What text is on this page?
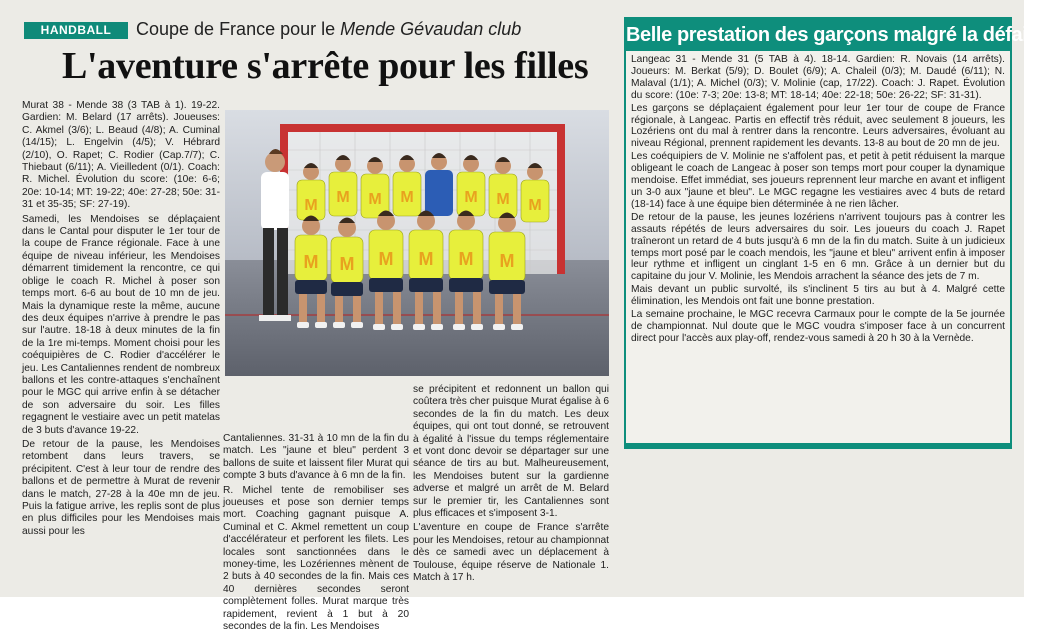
HANDBALL	Coupe de France pour le Mende Gévaudan club
L'aventure s'arrête pour les filles

Murat 38 - Mende 38 (3 TAB à 1). 19-22. Gardien: M. Belard (17 arrêts). Joueuses: C. Akmel (3/6); L. Beaud (4/8); A. Cuminal (14/15); L. Engelvin (4/5); V. Hébrard (2/10), O. Rapet; C. Rodier (Cap.7/7); C. Thiebaut (6/11); A. Vieilledent (0/1). Coach: R. Michel. Évolution du score: (10e: 6-6; 20e: 10-14; MT: 19-22; 40e: 27-28; 50e: 31-31 et 35-35; SF: 27-19).

Samedi, les Mendoises se déplaçaient dans le Cantal pour disputer le 1er tour de la coupe de France régionale. Face à une équipe de niveau inférieur, les Mendoises démarrent timidement la rencontre, ce qui oblige le coach R. Michel à poser son temps mort. 6-6 au bout de 10 mn de jeu. Mais la dynamique reste la même, aucune des deux équipes n'arrive à prendre le pas sur l'autre. 18-18 à deux minutes de la fin de la 1re mi-temps. Moment choisi pour les coéquipières de C. Rodier d'accélérer le jeu. Les Cantaliennes rendent de nombreux ballons et les contre-attaques s'enchaînent pour le MGC qui arrive enfin à se détacher de son adversaire du soir. Les filles regagnent le vestiaire avec un petit matelas de 3 buts d'avance 19-22.

De retour de la pause, les Mendoises retombent dans leurs travers, se précipitent. C'est à leur tour de rendre des ballons et de permettre à Murat de revenir dans le match, 27-28 à la 40e mn de jeu. Puis la fatigue arrive, les replis sont de plus en plus difficiles pour les Mendoises mais aussi pour les

M M M M	M M M
M M M M M M

Cantaliennes. 31-31 à 10 mn de la fin du match. Les "jaune et bleu" perdent 3 ballons de suite et laissent filer Murat qui compte 3 buts d'avance à 6 mn de la fin.

R. Michel tente de remobiliser ses joueuses et pose son dernier temps mort. Coaching gagnant puisque A. Cuminal et C. Akmel remettent un coup d'accélérateur et perforent les filets. Les locales sont sanctionnées dans le money-time, les Lozériennes mènent de 2 buts à 40 secondes de la fin. Mais ces 40 dernières secondes seront complètement folles. Murat marque très rapidement, revient à 1 but à 20 secondes de la fin. Les Mendoises

se précipitent et redonnent un ballon qui coûtera très cher puisque Murat égalise à 6 secondes de la fin du match. Les deux équipes, qui ont tout donné, se retrouvent à égalité à l'issue du temps réglementaire et vont donc devoir se départager sur une séance de tirs au but. Malheureusement, les Mendoises butent sur la gardienne adverse et malgré un arrêt de M. Belard sur le premier tir, les Cantaliennes sont plus efficaces et s'imposent 3-1.

L'aventure en coupe de France s'arrête pour les Mendoises, retour au championnat dès ce samedi avec un déplacement à Toulouse, équipe réserve de Nationale 1. Match à 17 h.

Belle prestation des garçons malgré la défaite

Langeac 31 - Mende 31 (5 TAB à 4). 18-14. Gardien: R. Novais (14 arrêts). Joueurs: M. Berkat (5/9); D. Boulet (6/9); A. Chaleil (0/3); M. Daudé (6/11); N. Malaval (1/1); A. Michel (0/3); V. Molinie (cap, 17/22). Coach: J. Rapet. Évolution du score: (10e: 7-3; 20e: 13-8; MT: 18-14; 40e: 22-18; 50e: 26-22; SF: 31-31).

Les garçons se déplaçaient également pour leur 1er tour de coupe de France régionale, à Langeac. Partis en effectif très réduit, avec seulement 8 joueurs, les Lozériens ont du mal à rentrer dans la rencontre. Leurs adversaires, évoluant au niveau Régional, prennent rapidement les devants. 13-8 au bout de 20 mn de jeu.

Les coéquipiers de V. Molinie ne s'affolent pas, et petit à petit réduisent la marque obligeant le coach de Langeac à poser son temps mort pour couper la dynamique mendoise. Effet immédiat, ses joueurs reprennent leur marche en avant et infligent un 3-0 aux "jaune et bleu". Le MGC regagne les vestiaires avec 4 buts de retard (18-14) face à une équipe bien déterminée à ne rien lâcher.

De retour de la pause, les jeunes lozériens n'arrivent toujours pas à contrer les assauts répétés de leurs adversaires du soir. Les joueurs du coach J. Rapet traîneront un retard de 4 buts jusqu'à 6 mn de la fin du match. Suite à un judicieux temps mort posé par le coach mendois, les "jaune et bleu" arrivent enfin à imposer leur rythme et infligent un cinglant 1-5 en 6 mn. Grâce à un dernier but du capitaine du jour V. Molinie, les Mendois arrachent la séance des jets de 7 m.

Mais devant un public survolté, ils s'inclinent 5 tirs au but à 4. Malgré cette élimination, les Mendois ont fait une bonne prestation.

La semaine prochaine, le MGC recevra Carmaux pour le compte de la 5e journée de championnat. Nul doute que le MGC voudra s'imposer face à un concurrent direct pour l'accès aux play-off, rendez-vous samedi à 20 h 30 à la Vernède.
